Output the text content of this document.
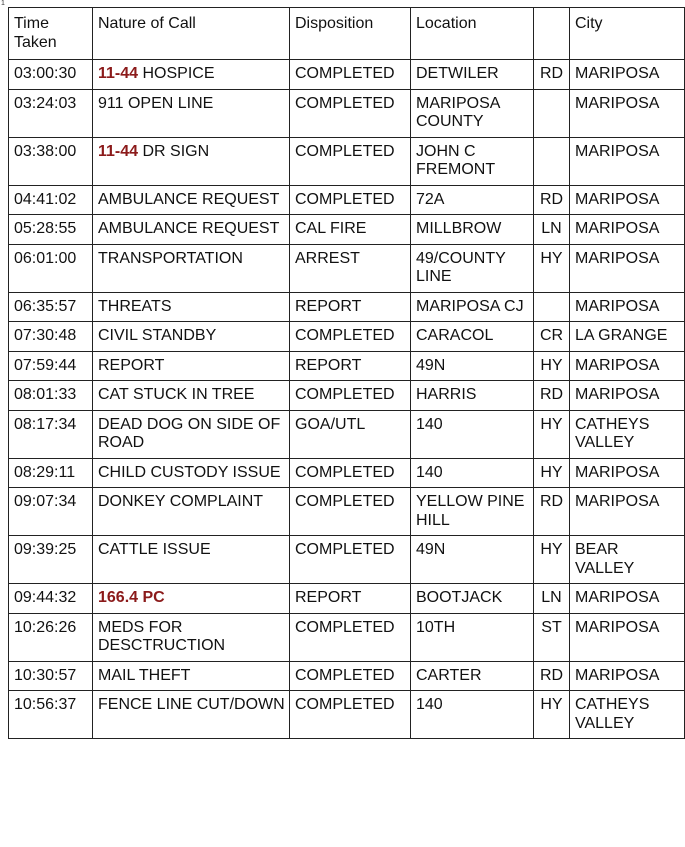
1
Time Taken	Nature of Call	Disposition	Location		City
03:00:30	11-44 HOSPICE	COMPLETED	DETWILER	RD	MARIPOSA
03:24:03	911 OPEN LINE	COMPLETED	MARIPOSA COUNTY		MARIPOSA
03:38:00	11-44 DR SIGN	COMPLETED	JOHN C FREMONT		MARIPOSA
04:41:02	AMBULANCE REQUEST	COMPLETED	72A	RD	MARIPOSA
05:28:55	AMBULANCE REQUEST	CAL FIRE	MILLBROW	LN	MARIPOSA
06:01:00	TRANSPORTATION	ARREST	49/COUNTY LINE	HY	MARIPOSA
06:35:57	THREATS	REPORT	MARIPOSA CJ		MARIPOSA
07:30:48	CIVIL STANDBY	COMPLETED	CARACOL	CR	LA GRANGE
07:59:44	REPORT	REPORT	49N	HY	MARIPOSA
08:01:33	CAT STUCK IN TREE	COMPLETED	HARRIS	RD	MARIPOSA
08:17:34	DEAD DOG ON SIDE OF ROAD	GOA/UTL	140	HY	CATHEYS VALLEY
08:29:11	CHILD CUSTODY ISSUE	COMPLETED	140	HY	MARIPOSA
09:07:34	DONKEY COMPLAINT	COMPLETED	YELLOW PINE HILL	RD	MARIPOSA
09:39:25	CATTLE ISSUE	COMPLETED	49N	HY	BEAR VALLEY
09:44:32	166.4 PC	REPORT	BOOTJACK	LN	MARIPOSA
10:26:26	MEDS FOR DESCTRUCTION	COMPLETED	10TH	ST	MARIPOSA
10:30:57	MAIL THEFT	COMPLETED	CARTER	RD	MARIPOSA
10:56:37	FENCE LINE CUT/DOWN	COMPLETED	140	HY	CATHEYS VALLEY
